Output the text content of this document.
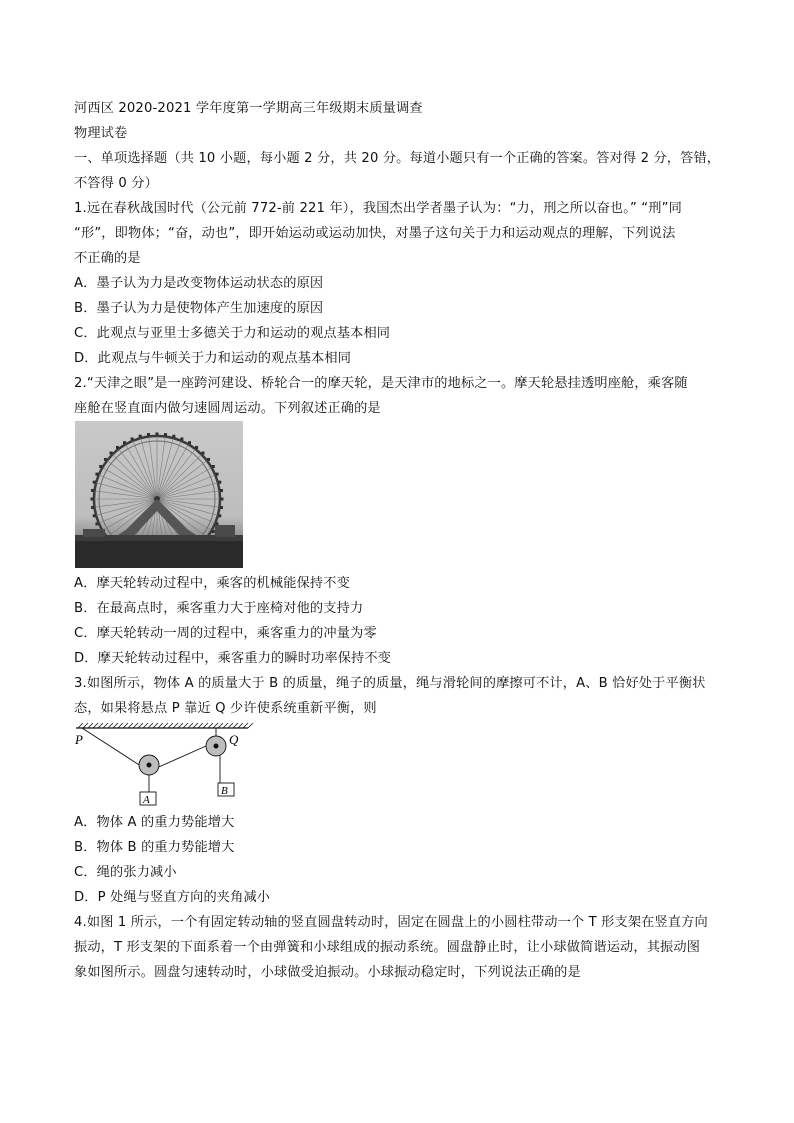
河西区 2020-2021 学年度第一学期高三年级期末质量调查
物理试卷
一、单项选择题（共 10 小题，每小题 2 分，共 20 分。每道小题只有一个正确的答案。答对得 2 分，答错，
不答得 0 分）
1.远在春秋战国时代（公元前 772-前 221 年），我国杰出学者墨子认为：“力，刑之所以奋也。” “刑”同
“形”，即物体；“奋，动也”，即开始运动或运动加快，对墨子这句关于力和运动观点的理解，下列说法
不正确的是
A．墨子认为力是改变物体运动状态的原因
B．墨子认为力是使物体产生加速度的原因
C．此观点与亚里士多德关于力和运动的观点基本相同
D．此观点与牛顿关于力和运动的观点基本相同
2.“天津之眼”是一座跨河建设、桥轮合一的摩天轮，是天津市的地标之一。摩天轮悬挂透明座舱，乘客随
座舱在竖直面内做匀速圆周运动。下列叙述正确的是
A．摩天轮转动过程中，乘客的机械能保持不变
B．在最高点时，乘客重力大于座椅对他的支持力
C．摩天轮转动一周的过程中，乘客重力的冲量为零
D．摩天轮转动过程中，乘客重力的瞬时功率保持不变
3.如图所示，物体 A 的质量大于 B 的质量，绳子的质量，绳与滑轮间的摩擦可不计，A、B 恰好处于平衡状
态，如果将悬点 P 靠近 Q 少许使系统重新平衡，则
P	Q
A
B
A．物体 A 的重力势能增大
B．物体 B 的重力势能增大
C．绳的张力减小
D．P 处绳与竖直方向的夹角减小
4.如图 1 所示，一个有固定转动轴的竖直圆盘转动时，固定在圆盘上的小圆柱带动一个 T 形支架在竖直方向
振动，T 形支架的下面系着一个由弹簧和小球组成的振动系统。圆盘静止时，让小球做简谐运动，其振动图
象如图所示。圆盘匀速转动时，小球做受迫振动。小球振动稳定时，下列说法正确的是
